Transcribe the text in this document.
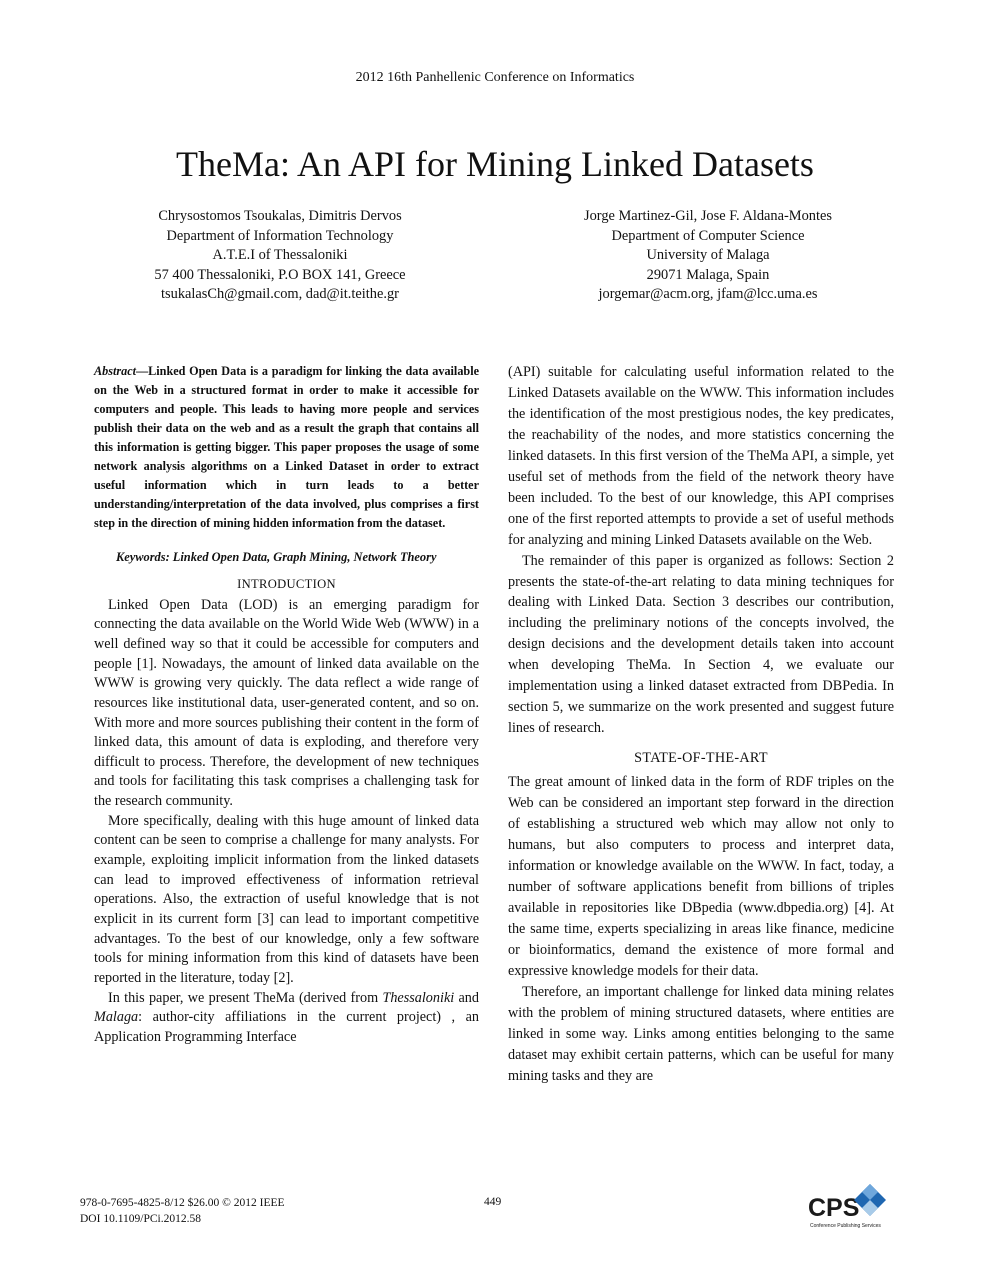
2012 16th Panhellenic Conference on Informatics
TheMa: An API for Mining Linked Datasets
Chrysostomos Tsoukalas, Dimitris Dervos
Department of Information Technology
A.T.E.I of Thessaloniki
57 400 Thessaloniki, P.O BOX 141, Greece
tsukalasCh@gmail.com, dad@it.teithe.gr
Jorge Martinez-Gil, Jose F. Aldana-Montes
Department of Computer Science
University of Malaga
29071 Malaga, Spain
jorgemar@acm.org, jfam@lcc.uma.es

Abstract—Linked Open Data is a paradigm for linking the data available on the Web in a structured format in order to make it accessible for computers and people. This leads to having more people and services publish their data on the web and as a result the graph that contains all this information is getting bigger. This paper proposes the usage of some network analysis algorithms on a Linked Dataset in order to extract useful information which in turn leads to a better understanding/interpretation of the data involved, plus comprises a first step in the direction of mining hidden information from the dataset.

Keywords: Linked Open Data, Graph Mining, Network Theory

INTRODUCTION

Linked Open Data (LOD) is an emerging paradigm for connecting the data available on the World Wide Web (WWW) in a well defined way so that it could be accessible for computers and people [1]. Nowadays, the amount of linked data available on the WWW is growing very quickly. The data reflect a wide range of resources like institutional data, user-generated content, and so on. With more and more sources publishing their content in the form of linked data, this amount of data is exploding, and therefore very difficult to process. Therefore, the development of new techniques and tools for facilitating this task comprises a challenging task for the research community.

More specifically, dealing with this huge amount of linked data content can be seen to comprise a challenge for many analysts. For example, exploiting implicit information from the linked datasets can lead to improved effectiveness of information retrieval operations. Also, the extraction of useful knowledge that is not explicit in its current form [3] can lead to important competitive advantages. To the best of our knowledge, only a few software tools for mining information from this kind of datasets have been reported in the literature, today [2].

In this paper, we present TheMa (derived from Thessaloniki and Malaga: author-city affiliations in the current project) , an Application Programming Interface

(API) suitable for calculating useful information related to the Linked Datasets available on the WWW. This information includes the identification of the most prestigious nodes, the key predicates, the reachability of the nodes, and more statistics concerning the linked datasets. In this first version of the TheMa API, a simple, yet useful set of methods from the field of the network theory have been included. To the best of our knowledge, this API comprises one of the first reported attempts to provide a set of useful methods for analyzing and mining Linked Datasets available on the Web.

The remainder of this paper is organized as follows: Section 2 presents the state-of-the-art relating to data mining techniques for dealing with Linked Data. Section 3 describes our contribution, including the preliminary notions of the concepts involved, the design decisions and the development details taken into account when developing TheMa. In Section 4, we evaluate our implementation using a linked dataset extracted from DBPedia. In section 5, we summarize on the work presented and suggest future lines of research.

STATE-OF-THE-ART

The great amount of linked data in the form of RDF triples on the Web can be considered an important step forward in the direction of establishing a structured web which may allow not only to humans, but also computers to process and interpret data, information or knowledge available on the WWW. In fact, today, a number of software applications benefit from billions of triples available in repositories like DBpedia (www.dbpedia.org) [4]. At the same time, experts specializing in areas like finance, medicine or bioinformatics, demand the existence of more formal and expressive knowledge models for their data.

Therefore, an important challenge for linked data mining relates with the problem of mining structured datasets, where entities are linked in some way. Links among entities belonging to the same dataset may exhibit certain patterns, which can be useful for many mining tasks and they are

978-0-7695-4825-8/12 $26.00 © 2012 IEEE
DOI 10.1109/PCi.2012.58
449	CPS
Conference Publishing Services
